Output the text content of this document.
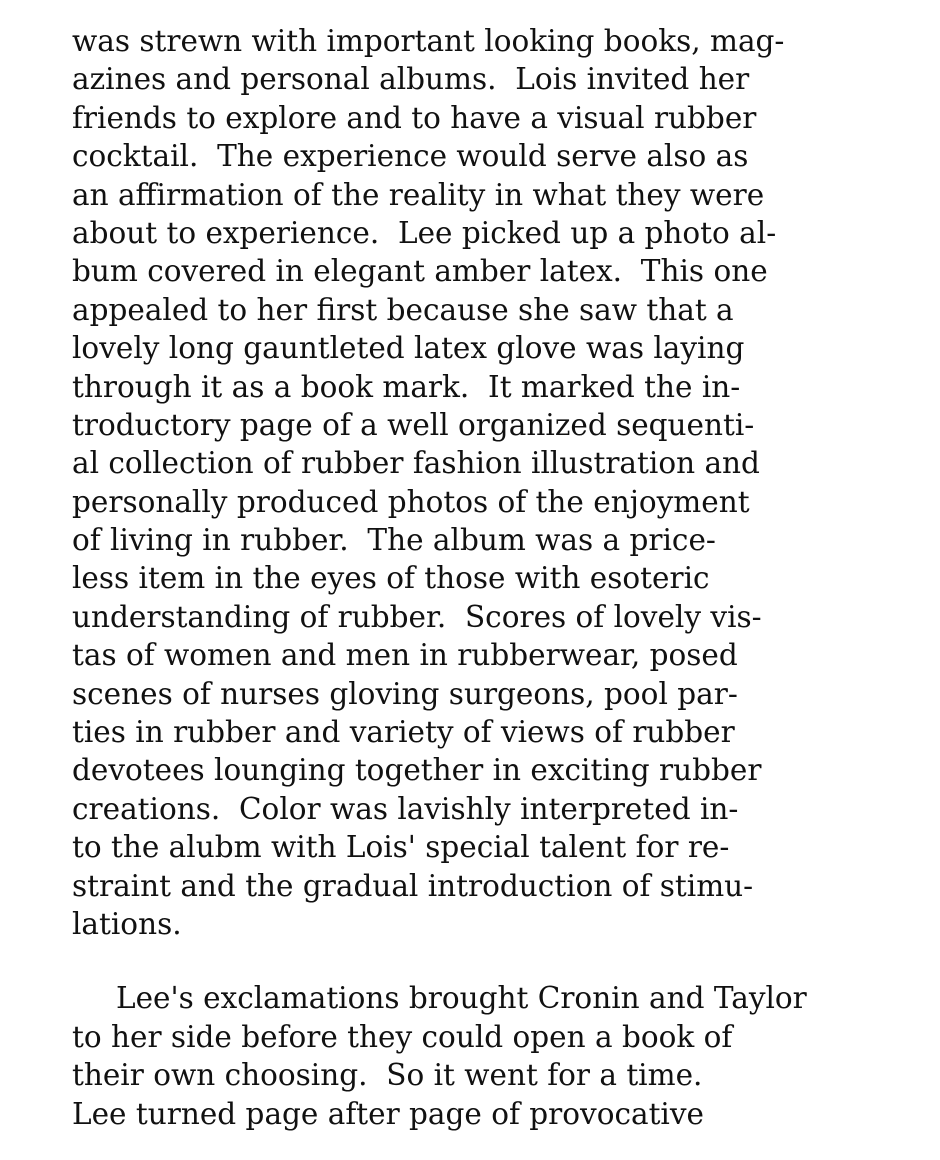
was strewn with important looking books, mag-
azines and personal albums.  Lois invited her
friends to explore and to have a visual rubber
cocktail.  The experience would serve also as
an affirmation of the reality in what they were
about to experience.  Lee picked up a photo al-
bum covered in elegant amber latex.  This one
appealed to her first because she saw that a
lovely long gauntleted latex glove was laying
through it as a book mark.  It marked the in-
troductory page of a well organized sequenti-
al collection of rubber fashion illustration and
personally produced photos of the enjoyment
of living in rubber.  The album was a price-
less item in the eyes of those with esoteric
understanding of rubber.  Scores of lovely vis-
tas of women and men in rubberwear, posed
scenes of nurses gloving surgeons, pool par-
ties in rubber and variety of views of rubber
devotees lounging together in exciting rubber
creations.  Color was lavishly interpreted in-
to the alubm with Lois' special talent for re-
straint and the gradual introduction of stimu-
lations.
Lee's exclamations brought Cronin and Taylor
to her side before they could open a book of
their own choosing.  So it went for a time.
Lee turned page after page of provocative
